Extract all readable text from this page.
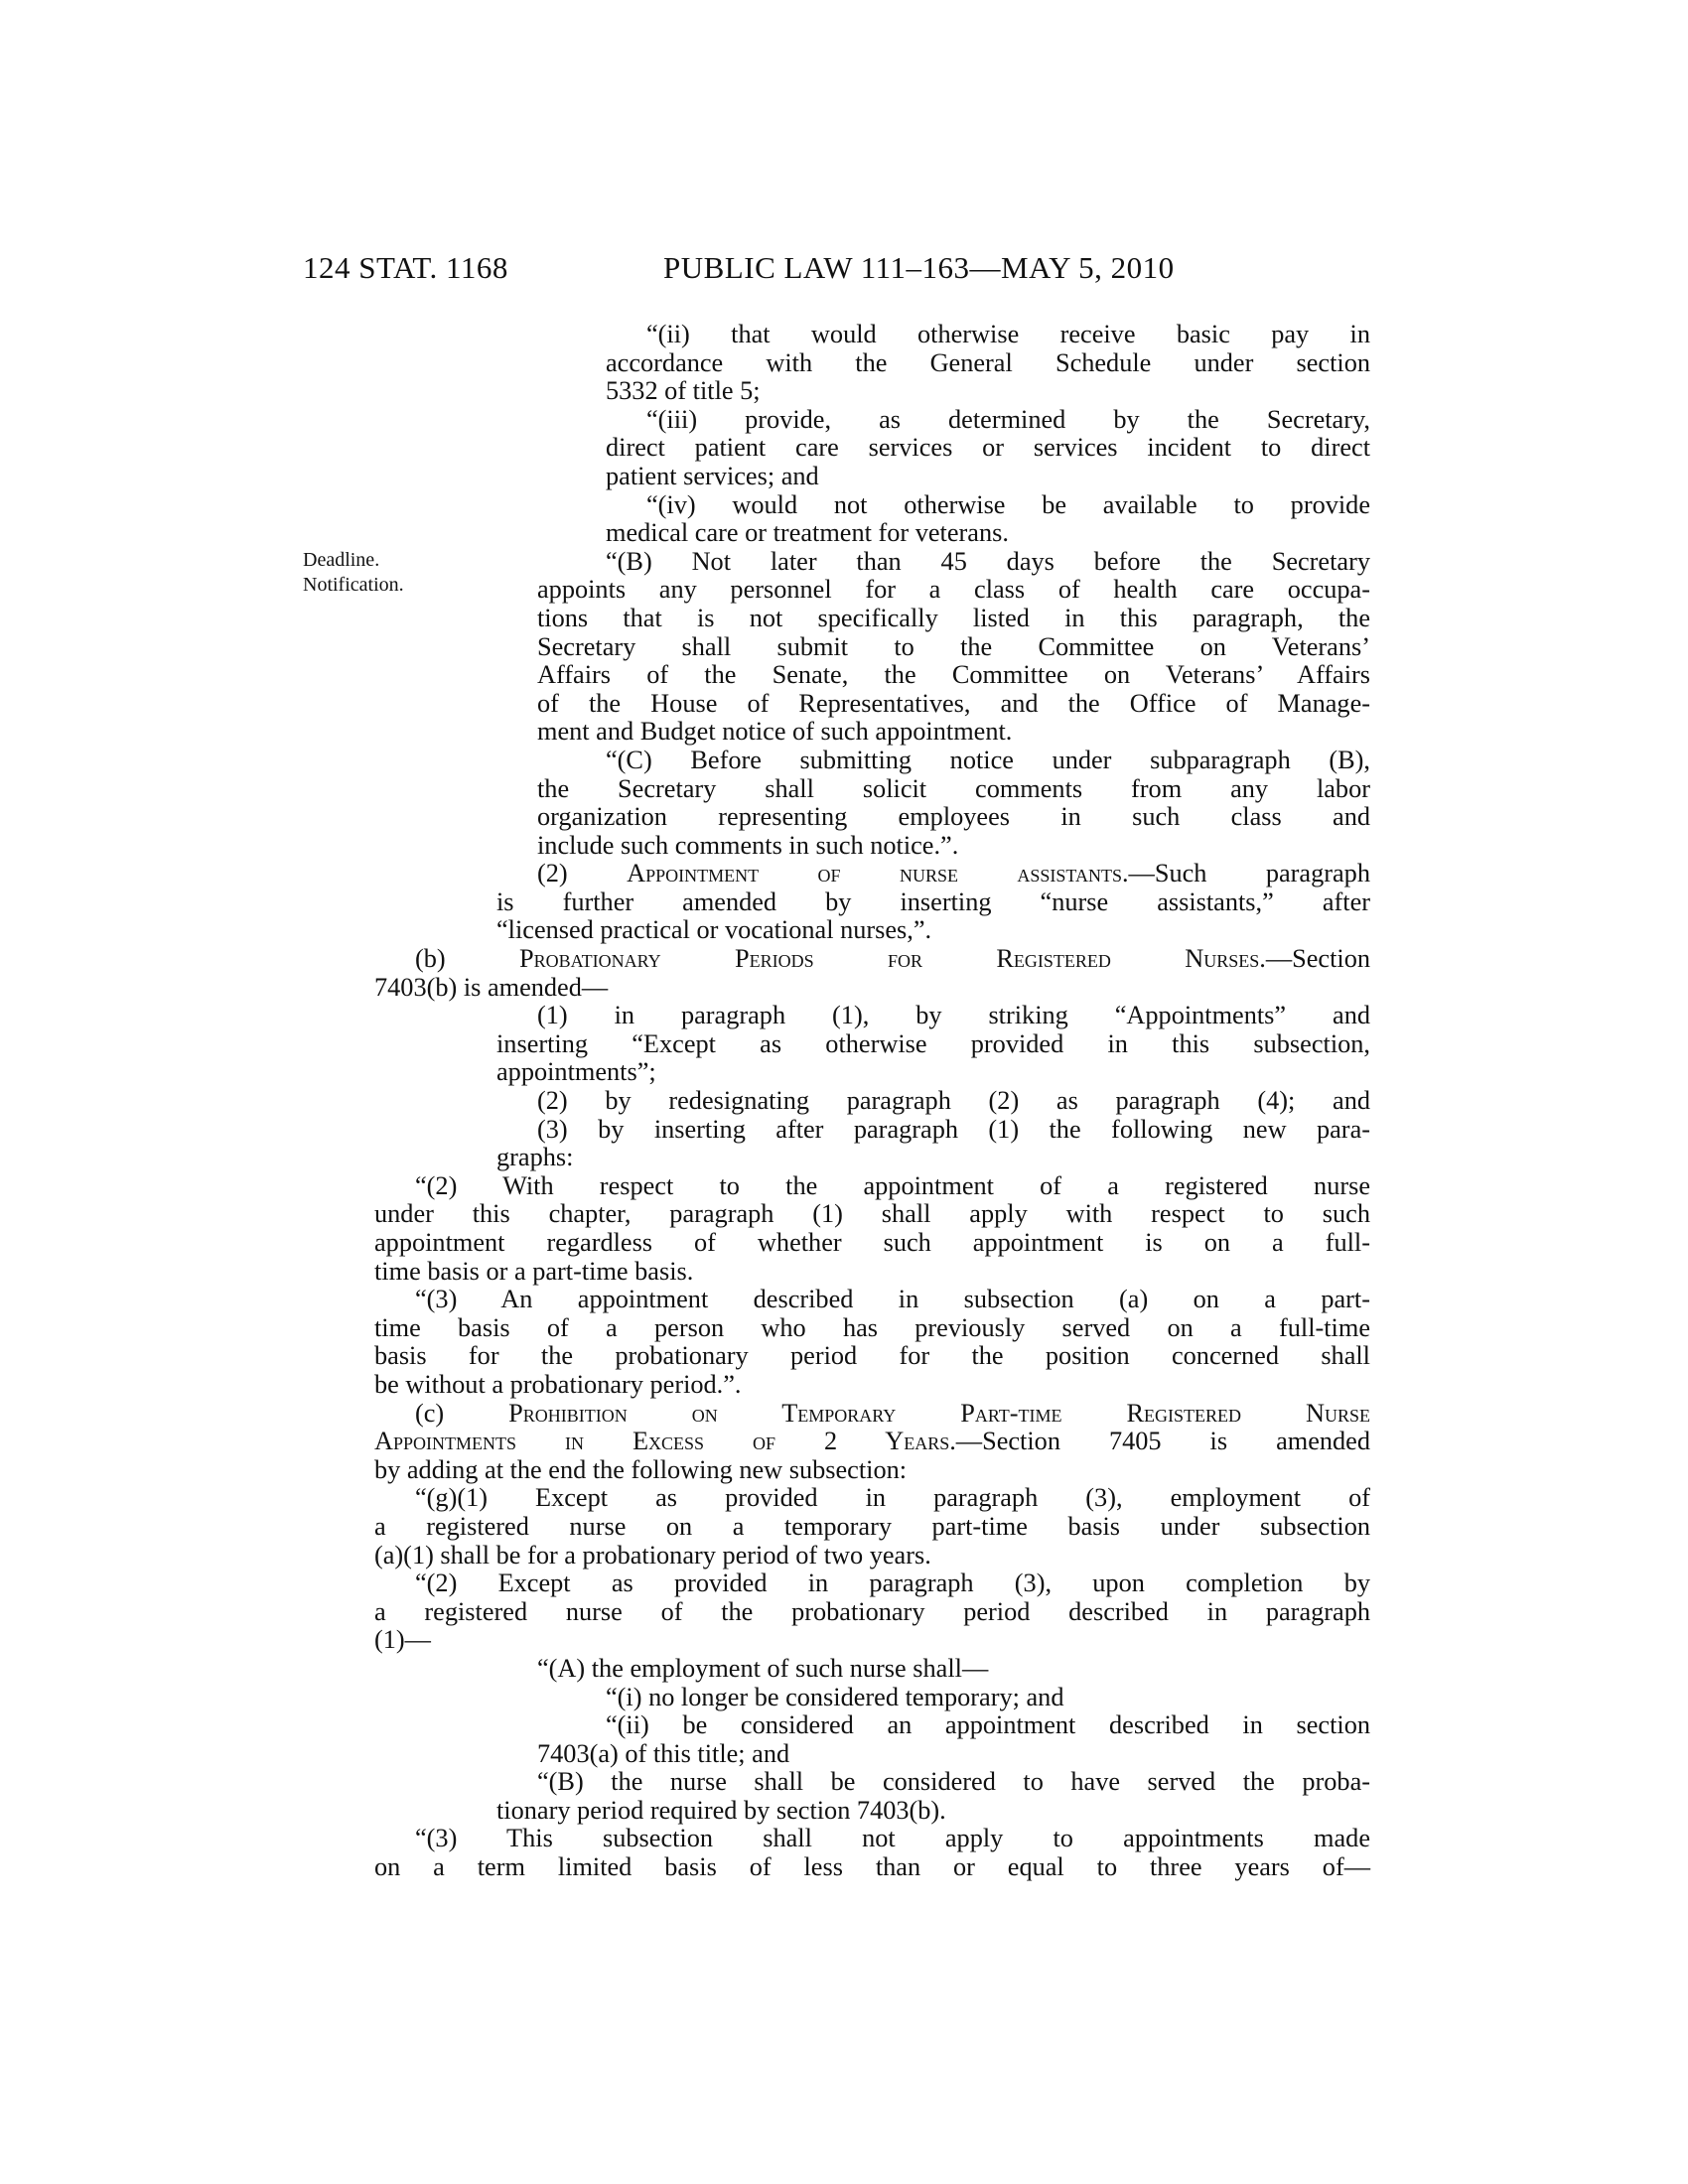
124 STAT. 1168	PUBLIC LAW 111–163—MAY 5, 2010
Deadline.
Notification.
“(ii) that would otherwise receive basic pay in
accordance with the General Schedule under section
5332 of title 5;
“(iii) provide, as determined by the Secretary,
direct patient care services or services incident to direct
patient services; and
“(iv) would not otherwise be available to provide
medical care or treatment for veterans.
“(B) Not later than 45 days before the Secretary
appoints any personnel for a class of health care occupa-
tions that is not specifically listed in this paragraph, the
Secretary shall submit to the Committee on Veterans’
Affairs of the Senate, the Committee on Veterans’ Affairs
of the House of Representatives, and the Office of Manage-
ment and Budget notice of such appointment.
“(C) Before submitting notice under subparagraph (B),
the Secretary shall solicit comments from any labor
organization representing employees in such class and
include such comments in such notice.”.
(2) Appointment of nurse assistants.—Such paragraph
is further amended by inserting “nurse assistants,” after
“licensed practical or vocational nurses,”.
(b) Probationary Periods for Registered Nurses.—Section
7403(b) is amended—
(1) in paragraph (1), by striking “Appointments” and
inserting “Except as otherwise provided in this subsection,
appointments”;
(2) by redesignating paragraph (2) as paragraph (4); and
(3) by inserting after paragraph (1) the following new para-
graphs:
“(2) With respect to the appointment of a registered nurse
under this chapter, paragraph (1) shall apply with respect to such
appointment regardless of whether such appointment is on a full-
time basis or a part-time basis.
“(3) An appointment described in subsection (a) on a part-
time basis of a person who has previously served on a full-time
basis for the probationary period for the position concerned shall
be without a probationary period.”.
(c) Prohibition on Temporary Part-time Registered Nurse
Appointments in Excess of 2 Years.—Section 7405 is amended
by adding at the end the following new subsection:
“(g)(1) Except as provided in paragraph (3), employment of
a registered nurse on a temporary part-time basis under subsection
(a)(1) shall be for a probationary period of two years.
“(2) Except as provided in paragraph (3), upon completion by
a registered nurse of the probationary period described in paragraph
(1)—
“(A) the employment of such nurse shall—
“(i) no longer be considered temporary; and
“(ii) be considered an appointment described in section
7403(a) of this title; and
“(B) the nurse shall be considered to have served the proba-
tionary period required by section 7403(b).
“(3) This subsection shall not apply to appointments made
on a term limited basis of less than or equal to three years of—
